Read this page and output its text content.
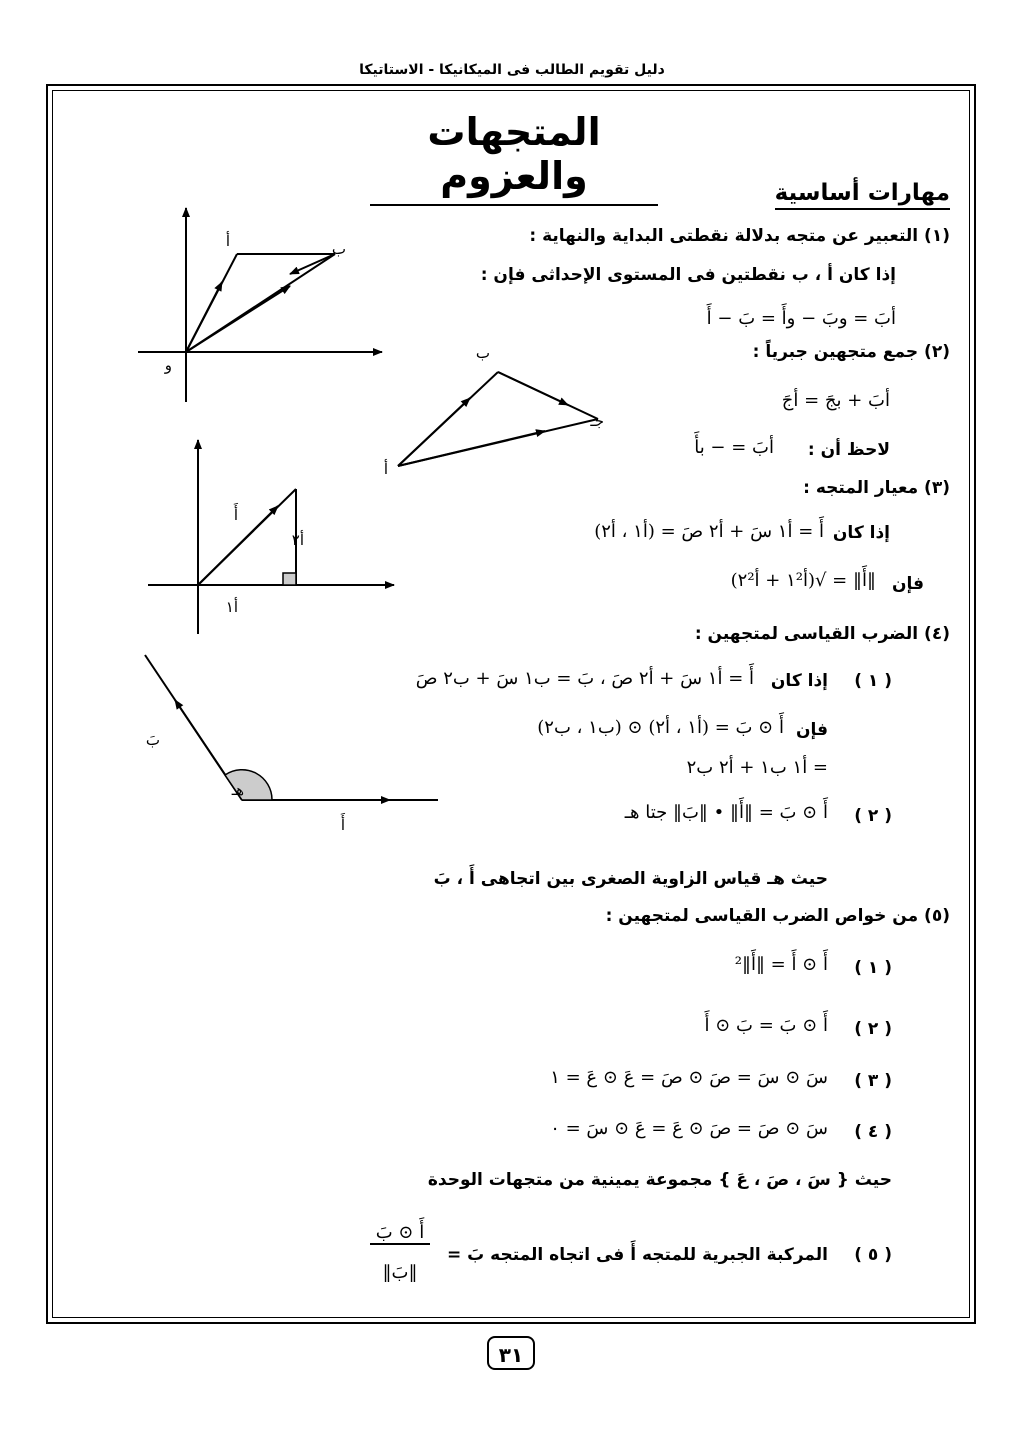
دليل تقويم الطالب فى الميكانيكا - الاستاتيكا
المتجهات والعزوم	مهارات أساسية
(١) التعبير عن متجه بدلالة نقطتى البداية والنهاية :
إذا كان أ ، ب نقطتين فى المستوى الإحداثى فإن :
أبَ = وبَ − وأَ = بَ − أَ
(٢) جمع متجهين جبرياً :
أبَ + بجَ = أجَ
لاحظ أن :
أبَ = − بأَ
(٣) معيار المتجه :
إذا كان
أَ = أ١ سَ + أ٢ صَ = (أ١ ، أ٢)
فإن
‖أَ‖ = √(أ١² + أ٢²)
(٤) الضرب القياسى لمتجهين :
( ١ )
إذا كان
أَ = أ١ سَ + أ٢ صَ ، بَ = ب١ سَ + ب٢ صَ
فإن
أَ ⊙ بَ = (أ١ ، أ٢) ⊙ (ب١ ، ب٢)
= أ١ ب١ + أ٢ ب٢
( ٢ )
أَ ⊙ بَ = ‖أَ‖ • ‖بَ‖ جتا هـ
حيث هـ قياس الزاوية الصغرى بين اتجاهى أَ ، بَ
(٥) من خواص الضرب القياسى لمتجهين :
( ١ )
أَ ⊙ أَ = ‖أَ‖²
( ٢ )
أَ ⊙ بَ = بَ ⊙ أَ
( ٣ )
سَ ⊙ سَ = صَ ⊙ صَ = عَ ⊙ عَ = ١
( ٤ )
سَ ⊙ صَ = صَ ⊙ عَ = عَ ⊙ سَ = ٠
حيث { سَ ، صَ ، عَ } مجموعة يمينية من متجهات الوحدة
( ٥ )
المركبة الجبرية للمتجه أَ فى اتجاه المتجه بَ =
أَ ⊙ بَ
‖بَ‖
٣١
أ	ب
و
أ
ب
جـ
أَ
أ٢
أ١
بَ
أَ
هـ
